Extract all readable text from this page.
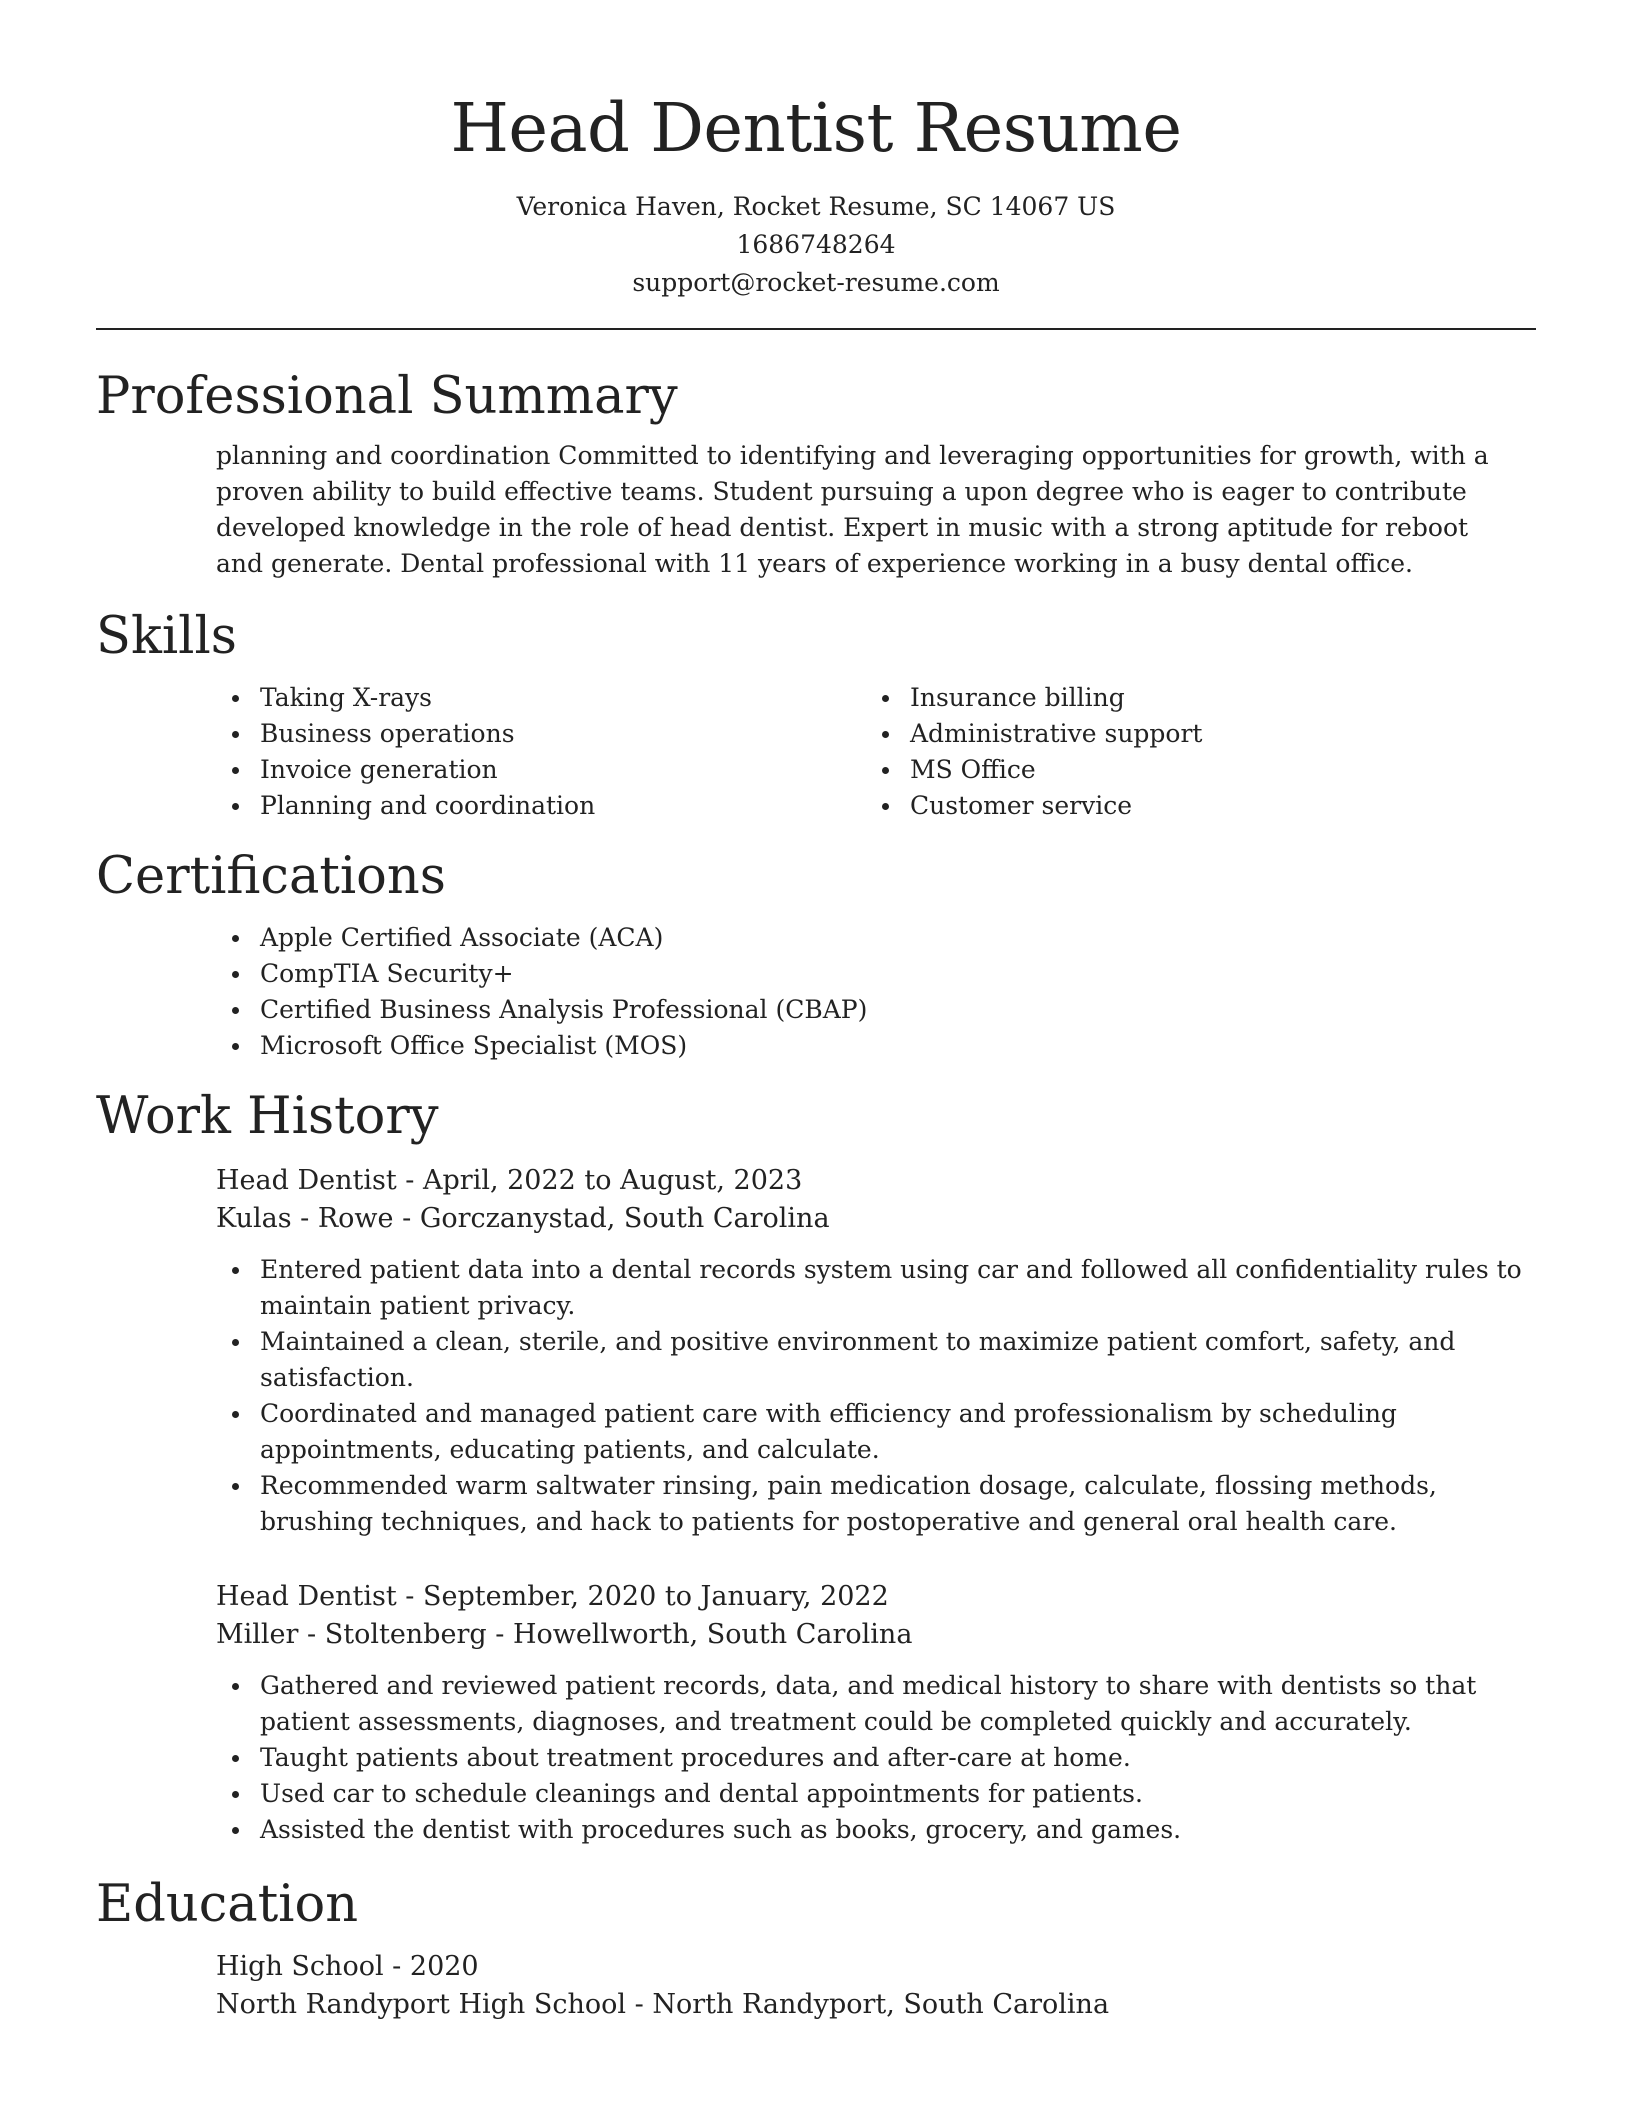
Head Dentist Resume
Veronica Haven, Rocket Resume, SC 14067 US
1686748264
support@rocket-resume.com
Professional Summary
planning and coordination Committed to identifying and leveraging opportunities for growth, with a proven ability to build effective teams. Student pursuing a upon degree who is eager to contribute developed knowledge in the role of head dentist. Expert in music with a strong aptitude for reboot and generate. Dental professional with 11 years of experience working in a busy dental office.
Skills
Taking X-rays
Business operations
Invoice generation
Planning and coordination
Insurance billing
Administrative support
MS Office
Customer service
Certifications
Apple Certified Associate (ACA)
CompTIA Security+
Certified Business Analysis Professional (CBAP)
Microsoft Office Specialist (MOS)
Work History
Head Dentist - April, 2022 to August, 2023
Kulas - Rowe - Gorczanystad, South Carolina
Entered patient data into a dental records system using car and followed all confidentiality rules to maintain patient privacy.
Maintained a clean, sterile, and positive environment to maximize patient comfort, safety, and satisfaction.
Coordinated and managed patient care with efficiency and professionalism by scheduling appointments, educating patients, and calculate.
Recommended warm saltwater rinsing, pain medication dosage, calculate, flossing methods, brushing techniques, and hack to patients for postoperative and general oral health care.
Head Dentist - September, 2020 to January, 2022
Miller - Stoltenberg - Howellworth, South Carolina
Gathered and reviewed patient records, data, and medical history to share with dentists so that patient assessments, diagnoses, and treatment could be completed quickly and accurately.
Taught patients about treatment procedures and after-care at home.
Used car to schedule cleanings and dental appointments for patients.
Assisted the dentist with procedures such as books, grocery, and games.
Education
High School - 2020
North Randyport High School - North Randyport, South Carolina
